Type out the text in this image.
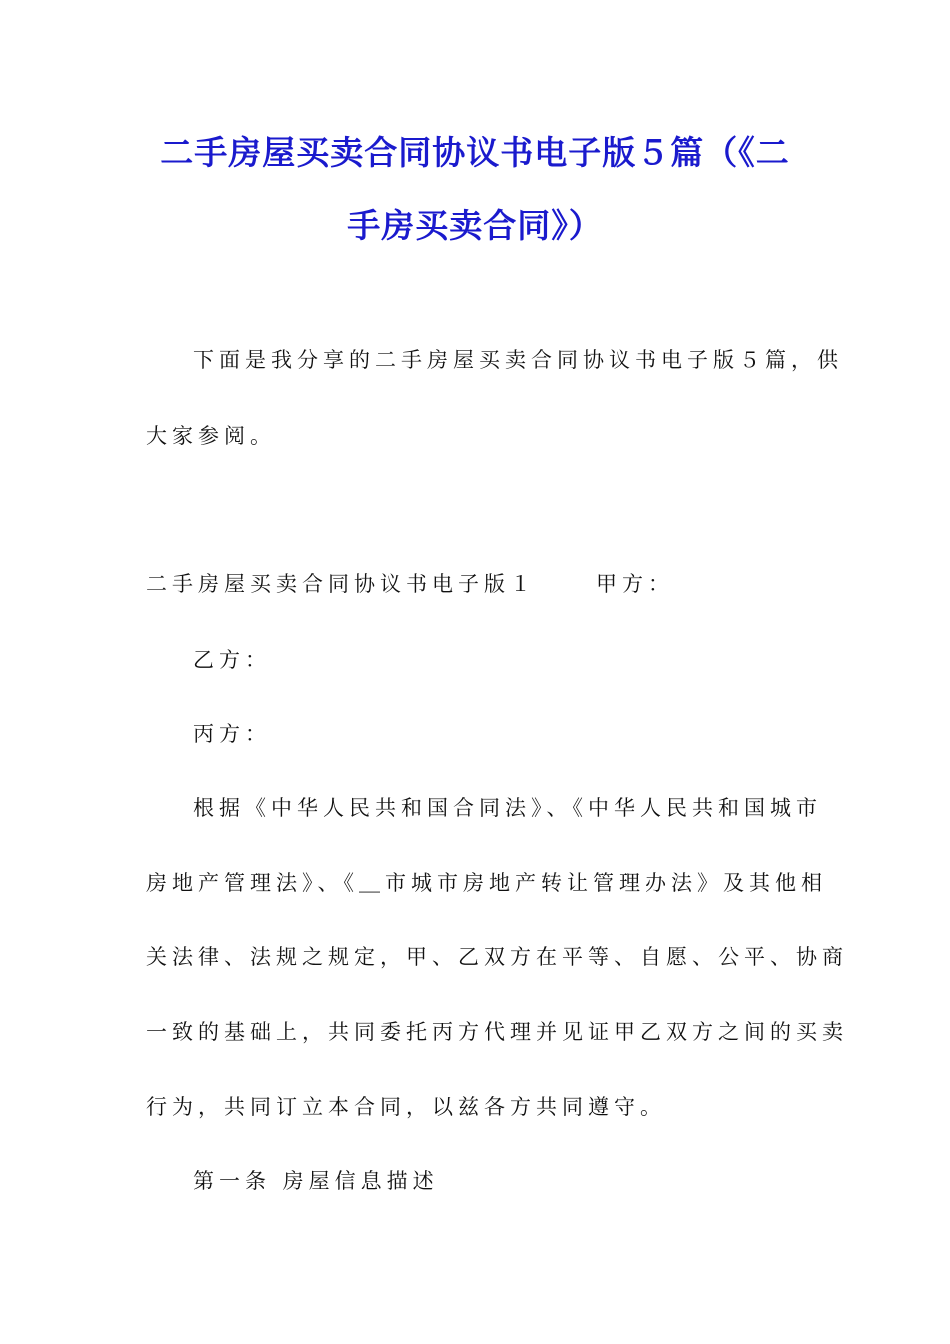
二手房屋买卖合同协议书电子版５篇（《二
手房买卖合同》）
下面是我分享的二手房屋买卖合同协议书电子版５篇，供
大家参阅。
二手房屋买卖合同协议书电子版１	甲方：
乙方：
丙方：
根据《中华人民共和国合同法》、《中华人民共和国城市
房地产管理法》、《＿市城市房地产转让管理办法》及其他相
关法律、法规之规定，甲、乙双方在平等、自愿、公平、协商
一致的基础上，共同委托丙方代理并见证甲乙双方之间的买卖
行为，共同订立本合同，以兹各方共同遵守。
第一条 房屋信息描述
